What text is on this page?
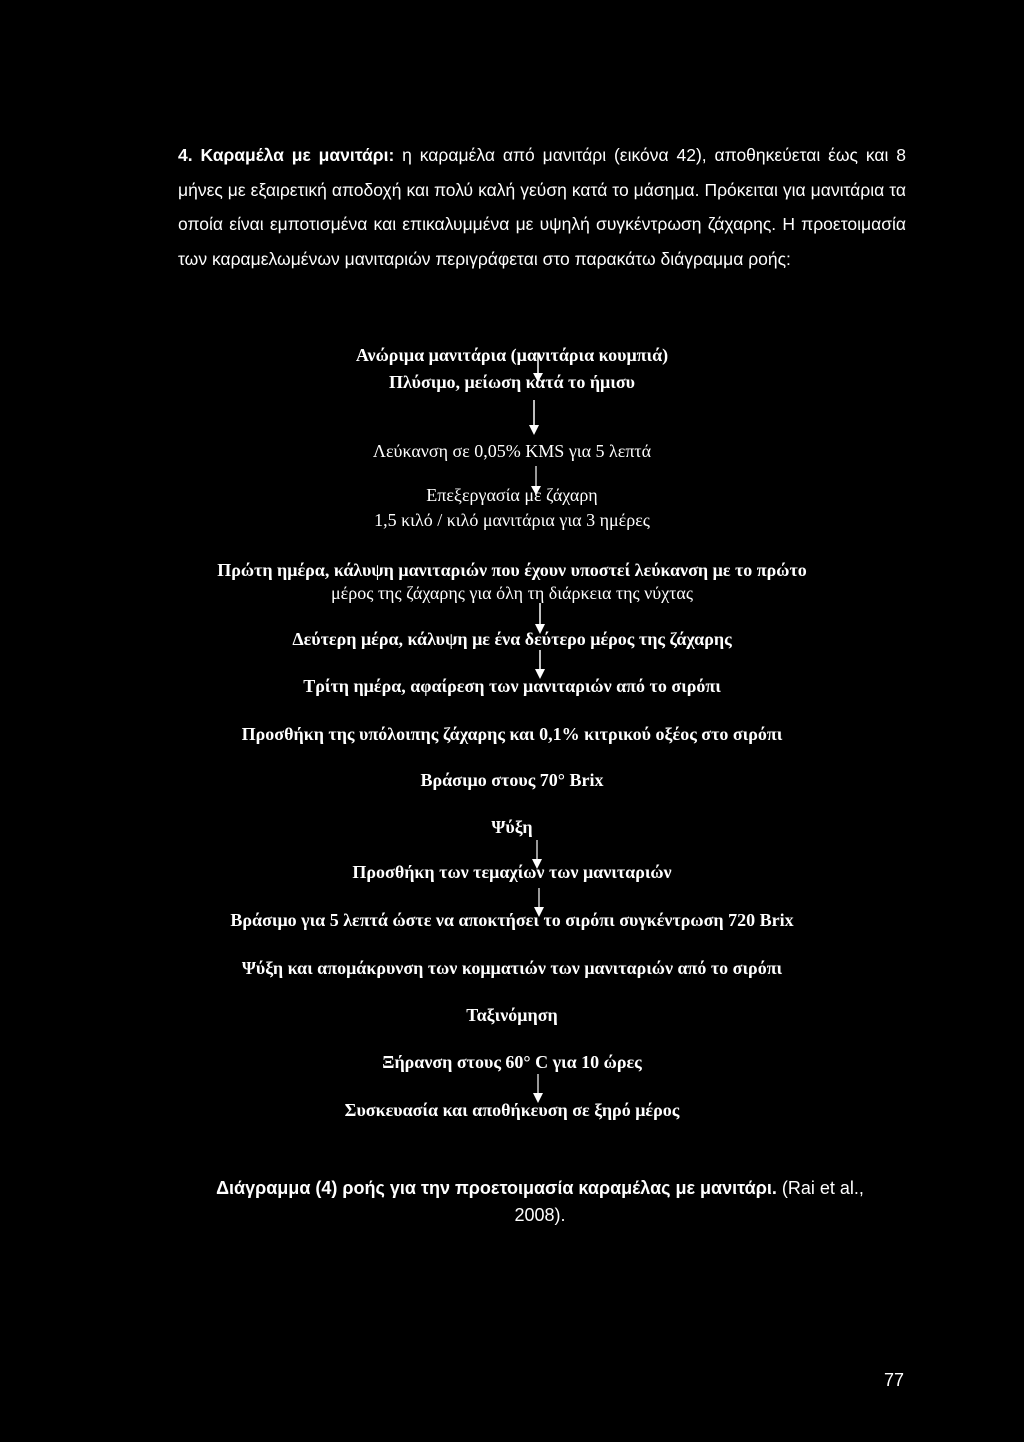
4. Καραμέλα με μανιτάρι: η καραμέλα από μανιτάρι (εικόνα 42), αποθηκεύεται έως και 8 μήνες με εξαιρετική αποδοχή και πολύ καλή γεύση κατά το μάσημα. Πρόκειται για μανιτάρια τα οποία είναι εμποτισμένα και επικαλυμμένα με υψηλή συγκέντρωση ζάχαρης. Η προετοιμασία των καραμελωμένων μανιταριών περιγράφεται στο παρακάτω διάγραμμα ροής:
Ανώριμα μανιτάρια (μανιτάρια κουμπιά)
Πλύσιμο, μείωση κατά το ήμισυ
Λεύκανση σε 0,05% KMS για 5 λεπτά
Επεξεργασία με ζάχαρη
1,5 κιλό / κιλό μανιτάρια για 3 ημέρες
Πρώτη ημέρα, κάλυψη μανιταριών που έχουν υποστεί λεύκανση με το πρώτο
μέρος της ζάχαρης για όλη τη διάρκεια της νύχτας
Δεύτερη μέρα, κάλυψη με ένα δεύτερο μέρος της ζάχαρης
Τρίτη ημέρα, αφαίρεση των μανιταριών από το σιρόπι
Προσθήκη της υπόλοιπης ζάχαρης και 0,1% κιτρικού οξέος στο σιρόπι
Βράσιμο στους 70° Brix
Ψύξη
Προσθήκη των τεμαχίων των μανιταριών
Βράσιμο για 5 λεπτά ώστε να αποκτήσει το σιρόπι συγκέντρωση 720 Brix
Ψύξη και απομάκρυνση των κομματιών των μανιταριών από το σιρόπι
Ταξινόμηση
Ξήρανση στους 60° C για 10 ώρες
Συσκευασία και αποθήκευση σε ξηρό μέρος
Διάγραμμα (4) ροής για την προετοιμασία καραμέλας με μανιτάρι. (Rai et al.,
2008).
77
